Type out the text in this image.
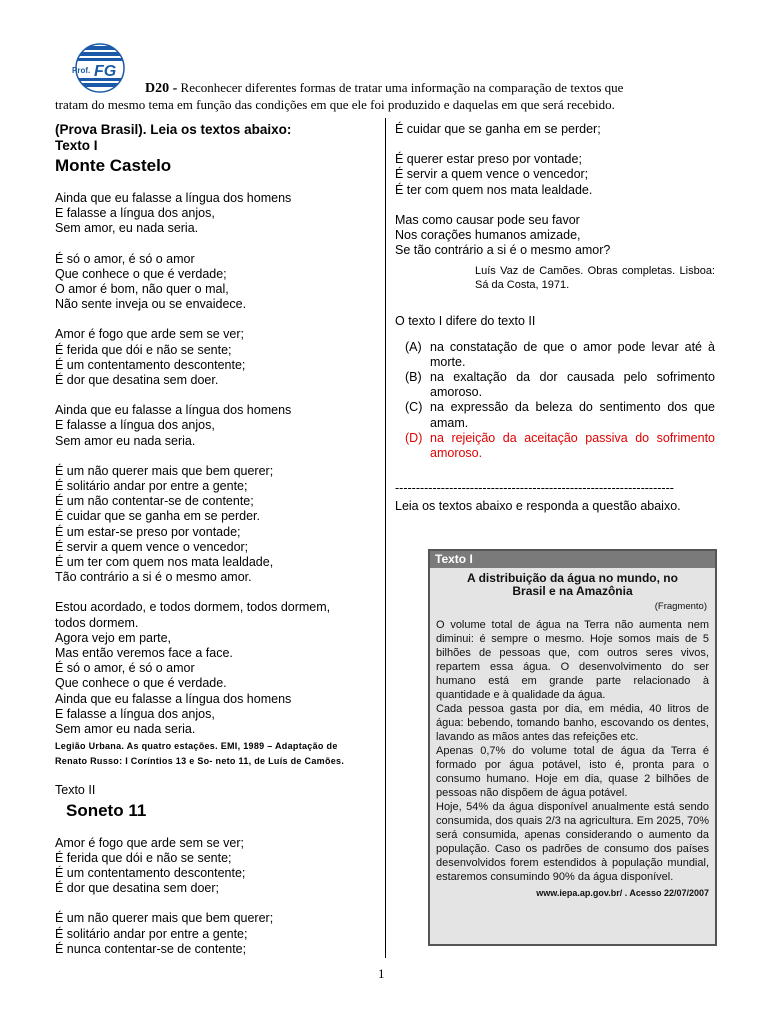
Prof. FG
D20 - Reconhecer diferentes formas de tratar uma informação na comparação de textos que
tratam do mesmo tema em função das condições em que ele foi produzido e daquelas em que será recebido.
(Prova Brasil). Leia os textos abaixo:
Texto I
Monte Castelo
Ainda que eu falasse a língua dos homens
E falasse a língua dos anjos,
Sem amor, eu nada seria.
É só o amor, é só o amor
Que conhece o que é verdade;
O amor é bom, não quer o mal,
Não sente inveja ou se envaidece.
Amor é fogo que arde sem se ver;
É ferida que dói e não se sente;
É um contentamento descontente;
É dor que desatina sem doer.
Ainda que eu falasse a língua dos homens
E falasse a língua dos anjos,
Sem amor eu nada seria.
É um não querer mais que bem querer;
É solitário andar por entre a gente;
É um não contentar-se de contente;
É cuidar que se ganha em se perder.
É um estar-se preso por vontade;
É servir a quem vence o vencedor;
É um ter com quem nos mata lealdade,
Tão contrário a si é o mesmo amor.
Estou acordado, e todos dormem, todos dormem,
todos dormem.
Agora vejo em parte,
Mas então veremos face a face.
É só o amor, é só o amor
Que conhece o que é verdade.
Ainda que eu falasse a língua dos homens
E falasse a língua dos anjos,
Sem amor eu nada seria.
Legião Urbana. As quatro estações. EMI, 1989 – Adaptação de
Renato Russo: I Coríntios 13 e So- neto 11, de Luís de Camões.
Texto II
Soneto 11
Amor é fogo que arde sem se ver;
É ferida que dói e não se sente;
É um contentamento descontente;
É dor que desatina sem doer;
É um não querer mais que bem querer;
É solitário andar por entre a gente;
É nunca contentar-se de contente;
É cuidar que se ganha em se perder;
É querer estar preso por vontade;
É servir a quem vence o vencedor;
É ter com quem nos mata lealdade.
Mas como causar pode seu favor
Nos corações humanos amizade,
Se tão contrário a si é o mesmo amor?
Luís Vaz de Camões. Obras completas. Lisboa: Sá da Costa, 1971.
O texto I difere do texto II
(A) na constatação de que o amor pode levar até à morte.
(B) na exaltação da dor causada pelo sofrimento amoroso.
(C) na expressão da beleza do sentimento dos que amam.
(D) na rejeição da aceitação passiva do sofrimento amoroso.
-------------------------------------------------------------------
Leia os textos abaixo e responda a questão abaixo.
Texto I
A distribuição da água no mundo, no
Brasil e na Amazônia
(Fragmento)
O volume total de água na Terra não aumenta nem diminui: é sempre o mesmo. Hoje somos mais de 5 bilhões de pessoas que, com outros seres vivos, repartem essa água. O desenvolvimento do ser humano está em grande parte relacionado à quantidade e à qualidade da água.
Cada pessoa gasta por dia, em média, 40 litros de água: bebendo, tomando banho, escovando os dentes, lavando as mãos antes das refeições etc.
Apenas 0,7% do volume total de água da Terra é formado por água potável, isto é, pronta para o consumo humano. Hoje em dia, quase 2 bilhões de pessoas não dispõem de água potável.
Hoje, 54% da água disponível anualmente está sendo consumida, dos quais 2/3 na agricultura. Em 2025, 70% será consumida, apenas considerando o aumento da população. Caso os padrões de consumo dos países desenvolvidos forem estendidos à população mundial, estaremos consumindo 90% da água disponível.
www.iepa.ap.gov.br/ . Acesso 22/07/2007
1
